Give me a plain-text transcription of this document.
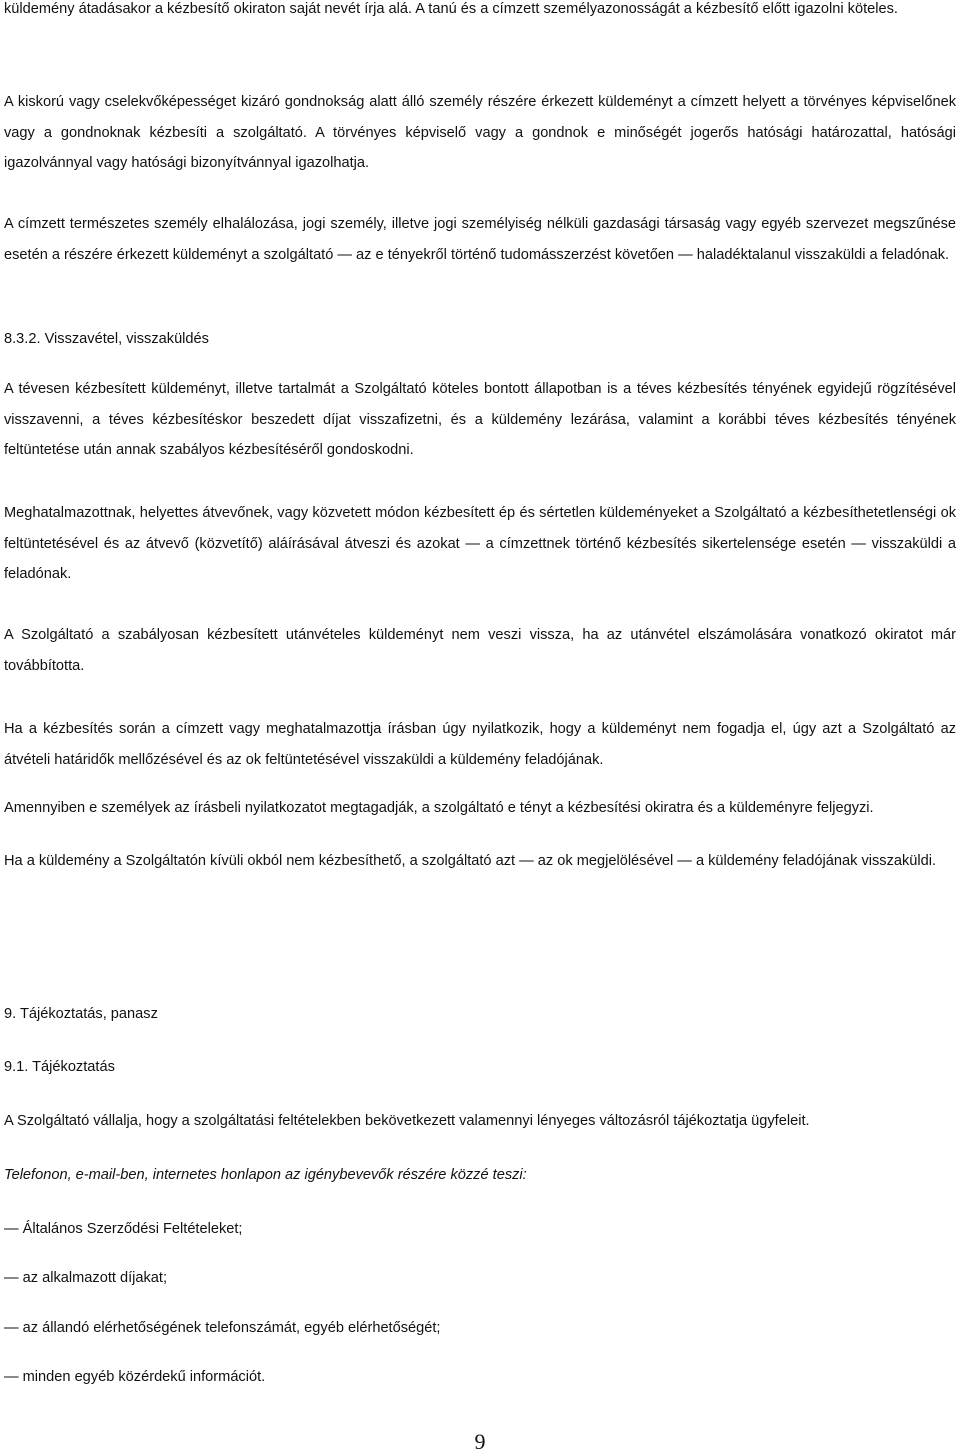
küldemény átadásakor a kézbesítő okiraton saját nevét írja alá. A tanú és a címzett személyazonosságát a kézbesítő előtt igazolni köteles.

A kiskorú vagy cselekvőképességet kizáró gondnokság alatt álló személy részére érkezett küldeményt a címzett helyett a törvényes képviselőnek vagy a gondnoknak kézbesíti a szolgáltató. A törvényes képviselő vagy a gondnok e minőségét jogerős hatósági határozattal, hatósági igazolvánnyal vagy hatósági bizonyítvánnyal igazolhatja.

A címzett természetes személy elhalálozása, jogi személy, illetve jogi személyiség nélküli gazdasági társaság vagy egyéb szervezet megszűnése esetén a részére érkezett küldeményt a szolgáltató — az e tényekről történő tudomásszerzést követően — haladéktalanul visszaküldi a feladónak.

8.3.2. Visszavétel, visszaküldés

A tévesen kézbesített küldeményt, illetve tartalmát a Szolgáltató köteles bontott állapotban is a téves kézbesítés tényének egyidejű rögzítésével visszavenni, a téves kézbesítéskor beszedett díjat visszafizetni, és a küldemény lezárása, valamint a korábbi téves kézbesítés tényének feltüntetése után annak szabályos kézbesítéséről gondoskodni.

Meghatalmazottnak, helyettes átvevőnek, vagy közvetett módon kézbesített ép és sértetlen küldeményeket a Szolgáltató a kézbesíthetetlenségi ok feltüntetésével és az átvevő (közvetítő) aláírásával átveszi és azokat — a címzettnek történő kézbesítés sikertelensége esetén — visszaküldi a feladónak.

A Szolgáltató a szabályosan kézbesített utánvételes küldeményt nem veszi vissza, ha az utánvétel elszámolására vonatkozó okiratot már továbbította.

Ha a kézbesítés során a címzett vagy meghatalmazottja írásban úgy nyilatkozik, hogy a küldeményt nem fogadja el, úgy azt a Szolgáltató az átvételi határidők mellőzésével és az ok feltüntetésével visszaküldi a küldemény feladójának.

Amennyiben e személyek az írásbeli nyilatkozatot megtagadják, a szolgáltató e tényt a kézbesítési okiratra és a küldeményre feljegyzi.

Ha a küldemény a Szolgáltatón kívüli okból nem kézbesíthető, a szolgáltató azt — az ok megjelölésével — a küldemény feladójának visszaküldi.

9. Tájékoztatás, panasz

9.1. Tájékoztatás

A Szolgáltató vállalja, hogy a szolgáltatási feltételekben bekövetkezett valamennyi lényeges változásról tájékoztatja ügyfeleit.

Telefonon, e-mail-ben, internetes honlapon az igénybevevők részére közzé teszi:

— Általános Szerződési Feltételeket;

— az alkalmazott díjakat;

— az állandó elérhetőségének telefonszámát, egyéb elérhetőségét;

— minden egyéb közérdekű információt.

9
